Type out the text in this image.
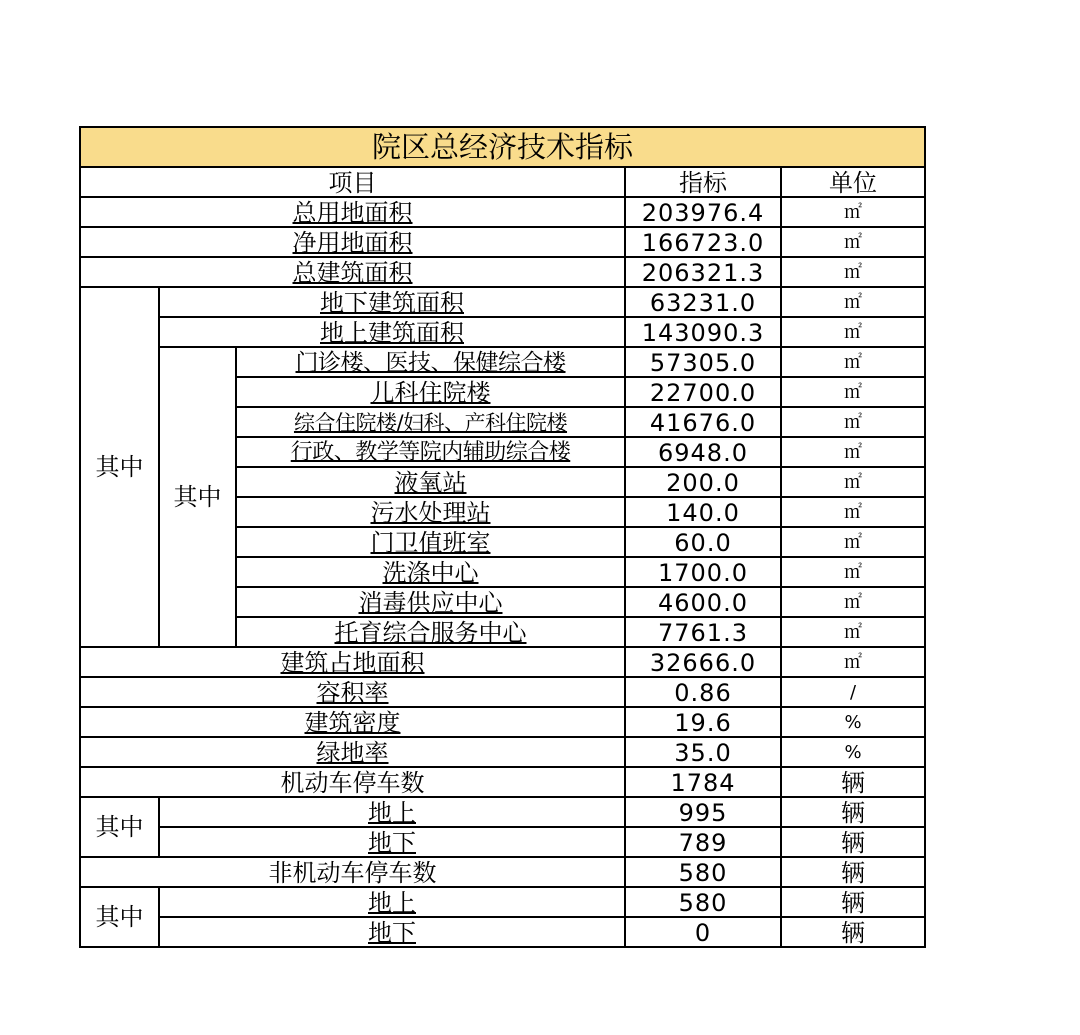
院区总经济技术指标				
项目			指标	单位
总用地面积			203976.4	㎡
净用地面积			166723.0	㎡
总建筑面积			206321.3	㎡
其中	地下建筑面积		63231.0	㎡
	地上建筑面积		143090.3	㎡
	其中	门诊楼、医技、保健综合楼	57305.0	㎡
		儿科住院楼	22700.0	㎡
		综合住院楼/妇科、产科住院楼	41676.0	㎡
		行政、教学等院内辅助综合楼	6948.0	㎡
		液氧站	200.0	㎡
		污水处理站	140.0	㎡
		门卫值班室	60.0	㎡
		洗涤中心	1700.0	㎡
		消毒供应中心	4600.0	㎡
		托育综合服务中心	7761.3	㎡
建筑占地面积			32666.0	㎡
容积率			0.86	/
建筑密度			19.6	%
绿地率			35.0	%
机动车停车数			1784	辆
其中	地上		995	辆
	地下		789	辆
非机动车停车数			580	辆
其中	地上		580	辆
	地下		0	辆
